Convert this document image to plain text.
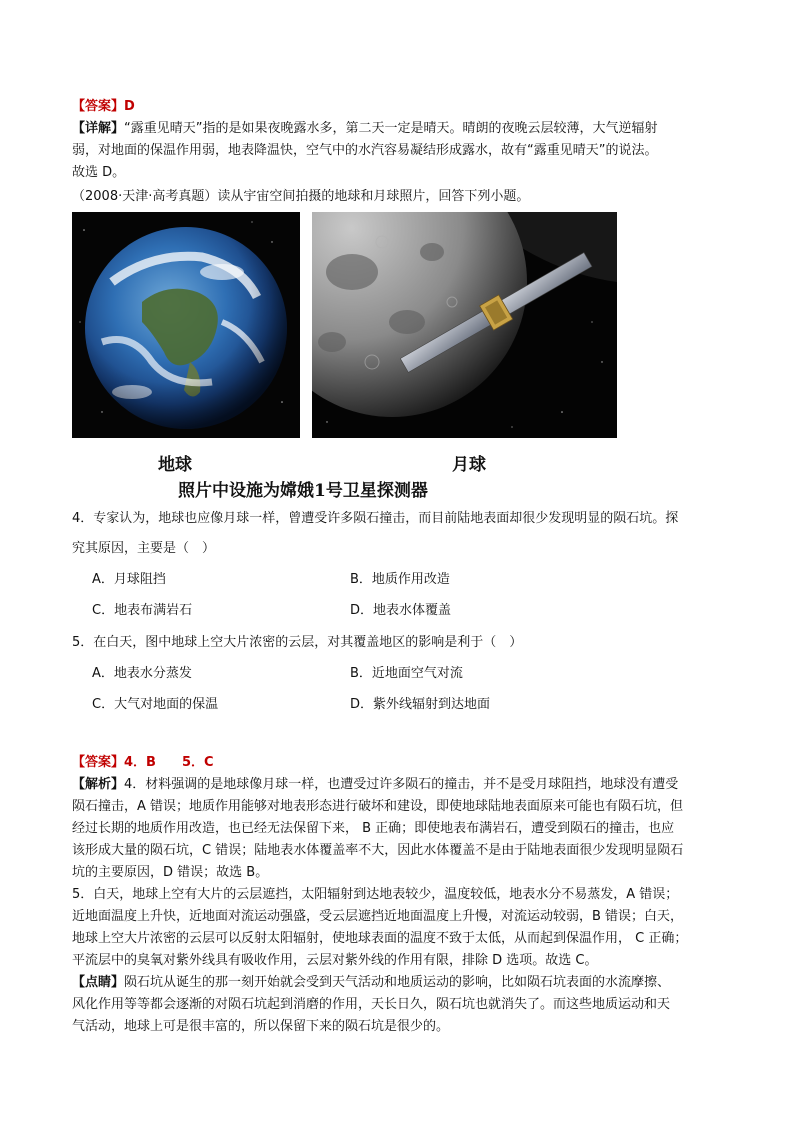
【答案】D
【详解】“露重见晴天”指的是如果夜晚露水多，第二天一定是晴天。晴朗的夜晚云层较薄，大气逆辐射
弱，对地面的保温作用弱，地表降温快，空气中的水汽容易凝结形成露水，故有“露重见晴天”的说法。
故选 D。
（2008·天津·高考真题）读从宇宙空间拍摄的地球和月球照片，回答下列小题。
地球	月球
照片中设施为嫦娥1号卫星探测器
4．专家认为，地球也应像月球一样，曾遭受许多陨石撞击，而目前陆地表面却很少发现明显的陨石坑。探
究其原因，主要是（　）
A．月球阻挡	B．地质作用改造
C．地表布满岩石	D．地表水体覆盖
5．在白天，图中地球上空大片浓密的云层，对其覆盖地区的影响是利于（　）
A．地表水分蒸发	B．近地面空气对流
C．大气对地面的保温	D．紫外线辐射到达地面
【答案】4．B　　5．C
【解析】4．材料强调的是地球像月球一样，也遭受过许多陨石的撞击，并不是受月球阻挡，地球没有遭受
陨石撞击，A 错误；地质作用能够对地表形态进行破坏和建设，即使地球陆地表面原来可能也有陨石坑，但
经过长期的地质作用改造，也已经无法保留下来， B 正确；即使地表布满岩石，遭受到陨石的撞击，也应
该形成大量的陨石坑，C 错误；陆地表水体覆盖率不大，因此水体覆盖不是由于陆地表面很少发现明显陨石
坑的主要原因，D 错误；故选 B。
5．白天，地球上空有大片的云层遮挡，太阳辐射到达地表较少，温度较低，地表水分不易蒸发，A 错误；
近地面温度上升快，近地面对流运动强盛，受云层遮挡近地面温度上升慢，对流运动较弱，B 错误；白天，
地球上空大片浓密的云层可以反射太阳辐射，使地球表面的温度不致于太低，从而起到保温作用， C 正确；
平流层中的臭氧对紫外线具有吸收作用，云层对紫外线的作用有限，排除 D 选项。故选 C。
【点睛】陨石坑从诞生的那一刻开始就会受到天气活动和地质运动的影响，比如陨石坑表面的水流摩擦、
风化作用等等都会逐渐的对陨石坑起到消磨的作用，天长日久，陨石坑也就消失了。而这些地质运动和天
气活动，地球上可是很丰富的，所以保留下来的陨石坑是很少的。
